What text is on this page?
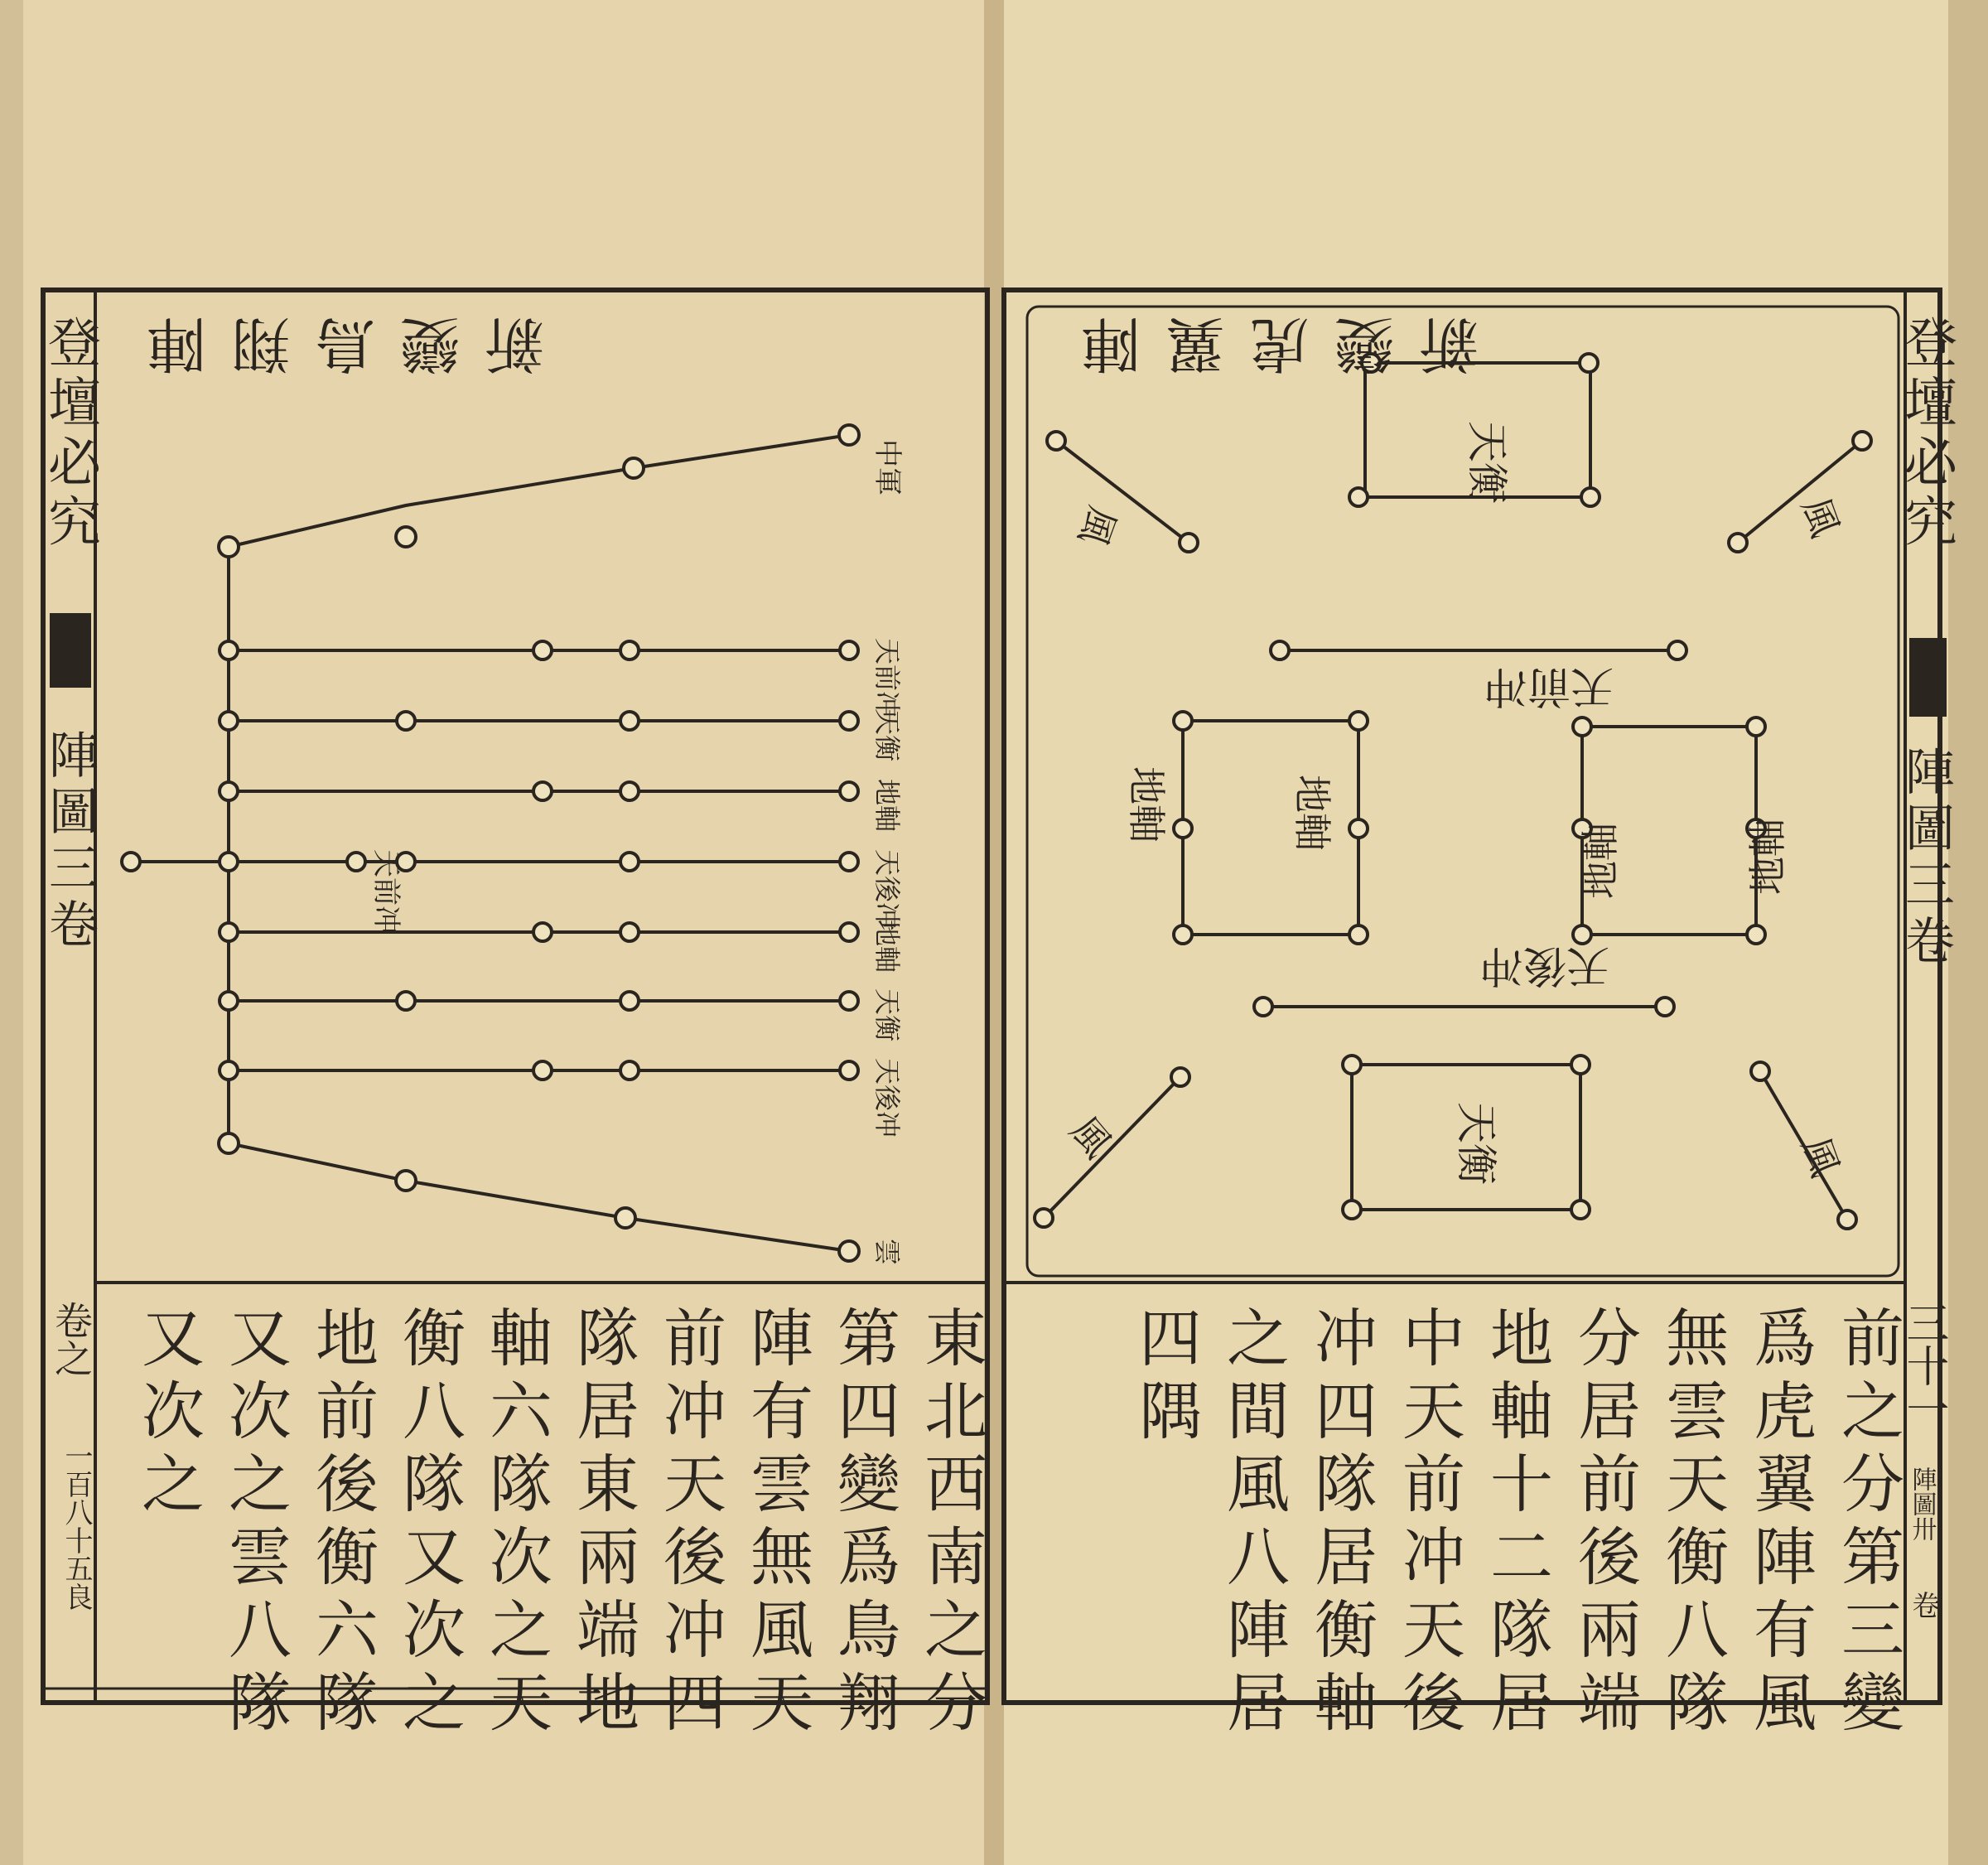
中軍
天前冲
天衡
地軸
天後冲
地軸
天衡
天後冲
雲
天前冲
天衡
天衡
天前冲
天後冲
地軸	地軸
地軸	地軸
風	風
風	風
新變鳥翔陣	新變虎翼陣
登壇必究
陣圖三卷
登壇必究
陣圖三卷
東北西南之分
第四變爲鳥翔
陣有雲無風天
前冲天後冲四
隊居東兩端地
軸六隊次之天
衡八隊又次之
地前後衡六隊
又次之雲八隊
又次之	前之分第三變
爲虎翼陣有風
無雲天衡八隊
分居前後兩端
地軸十二隊居
中天前冲天後
冲四隊居衡軸
之間風八陣居
四隅
卷之
一百八十五良
三十一
陣圖卅
卷
